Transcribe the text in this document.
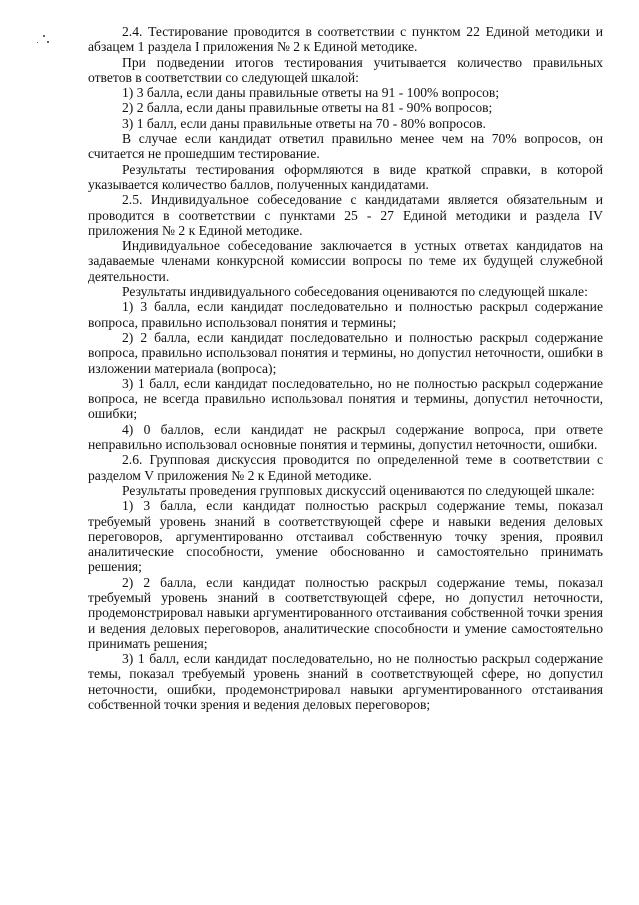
2.4. Тестирование проводится в соответствии с пунктом 22 Единой методики и абзацем 1 раздела I приложения № 2 к Единой методике.

При подведении итогов тестирования учитывается количество правильных ответов в соответствии со следующей шкалой:

1) 3 балла, если даны правильные ответы на 91 - 100% вопросов;

2) 2 балла, если даны правильные ответы на 81 - 90% вопросов;

3) 1 балл, если даны правильные ответы на 70 - 80% вопросов.

В случае если кандидат ответил правильно менее чем на 70% вопросов, он считается не прошедшим тестирование.

Результаты тестирования оформляются в виде краткой справки, в которой указывается количество баллов, полученных кандидатами.

2.5. Индивидуальное собеседование с кандидатами является обязательным и проводится в соответствии с пунктами 25 - 27 Единой методики и раздела IV приложения № 2 к Единой методике.

Индивидуальное собеседование заключается в устных ответах кандидатов на задаваемые членами конкурсной комиссии вопросы по теме их будущей служебной деятельности.

Результаты индивидуального собеседования оцениваются по следующей шкале:

1) 3 балла, если кандидат последовательно и полностью раскрыл содержание вопроса, правильно использовал понятия и термины;

2) 2 балла, если кандидат последовательно и полностью раскрыл содержание вопроса, правильно использовал понятия и термины, но допустил неточности, ошибки в изложении материала (вопроса);

3) 1 балл, если кандидат последовательно, но не полностью раскрыл содержание вопроса, не всегда правильно использовал понятия и термины, допустил неточности, ошибки;

4) 0 баллов, если кандидат не раскрыл содержание вопроса, при ответе неправильно использовал основные понятия и термины, допустил неточности, ошибки.

2.6. Групповая дискуссия проводится по определенной теме в соответствии с разделом V приложения № 2 к Единой методике.

Результаты проведения групповых дискуссий оцениваются по следующей шкале:

1) 3 балла, если кандидат полностью раскрыл содержание темы, показал требуемый уровень знаний в соответствующей сфере и навыки ведения деловых переговоров, аргументированно отстаивал собственную точку зрения, проявил аналитические способности, умение обоснованно и самостоятельно принимать решения;

2) 2 балла, если кандидат полностью раскрыл содержание темы, показал требуемый уровень знаний в соответствующей сфере, но допустил неточности, продемонстрировал навыки аргументированного отстаивания собственной точки зрения и ведения деловых переговоров, аналитические способности и умение самостоятельно принимать решения;

3) 1 балл, если кандидат последовательно, но не полностью раскрыл содержание темы, показал требуемый уровень знаний в соответствующей сфере, но допустил неточности, ошибки, продемонстрировал навыки аргументированного отстаивания собственной точки зрения и ведения деловых переговоров;
